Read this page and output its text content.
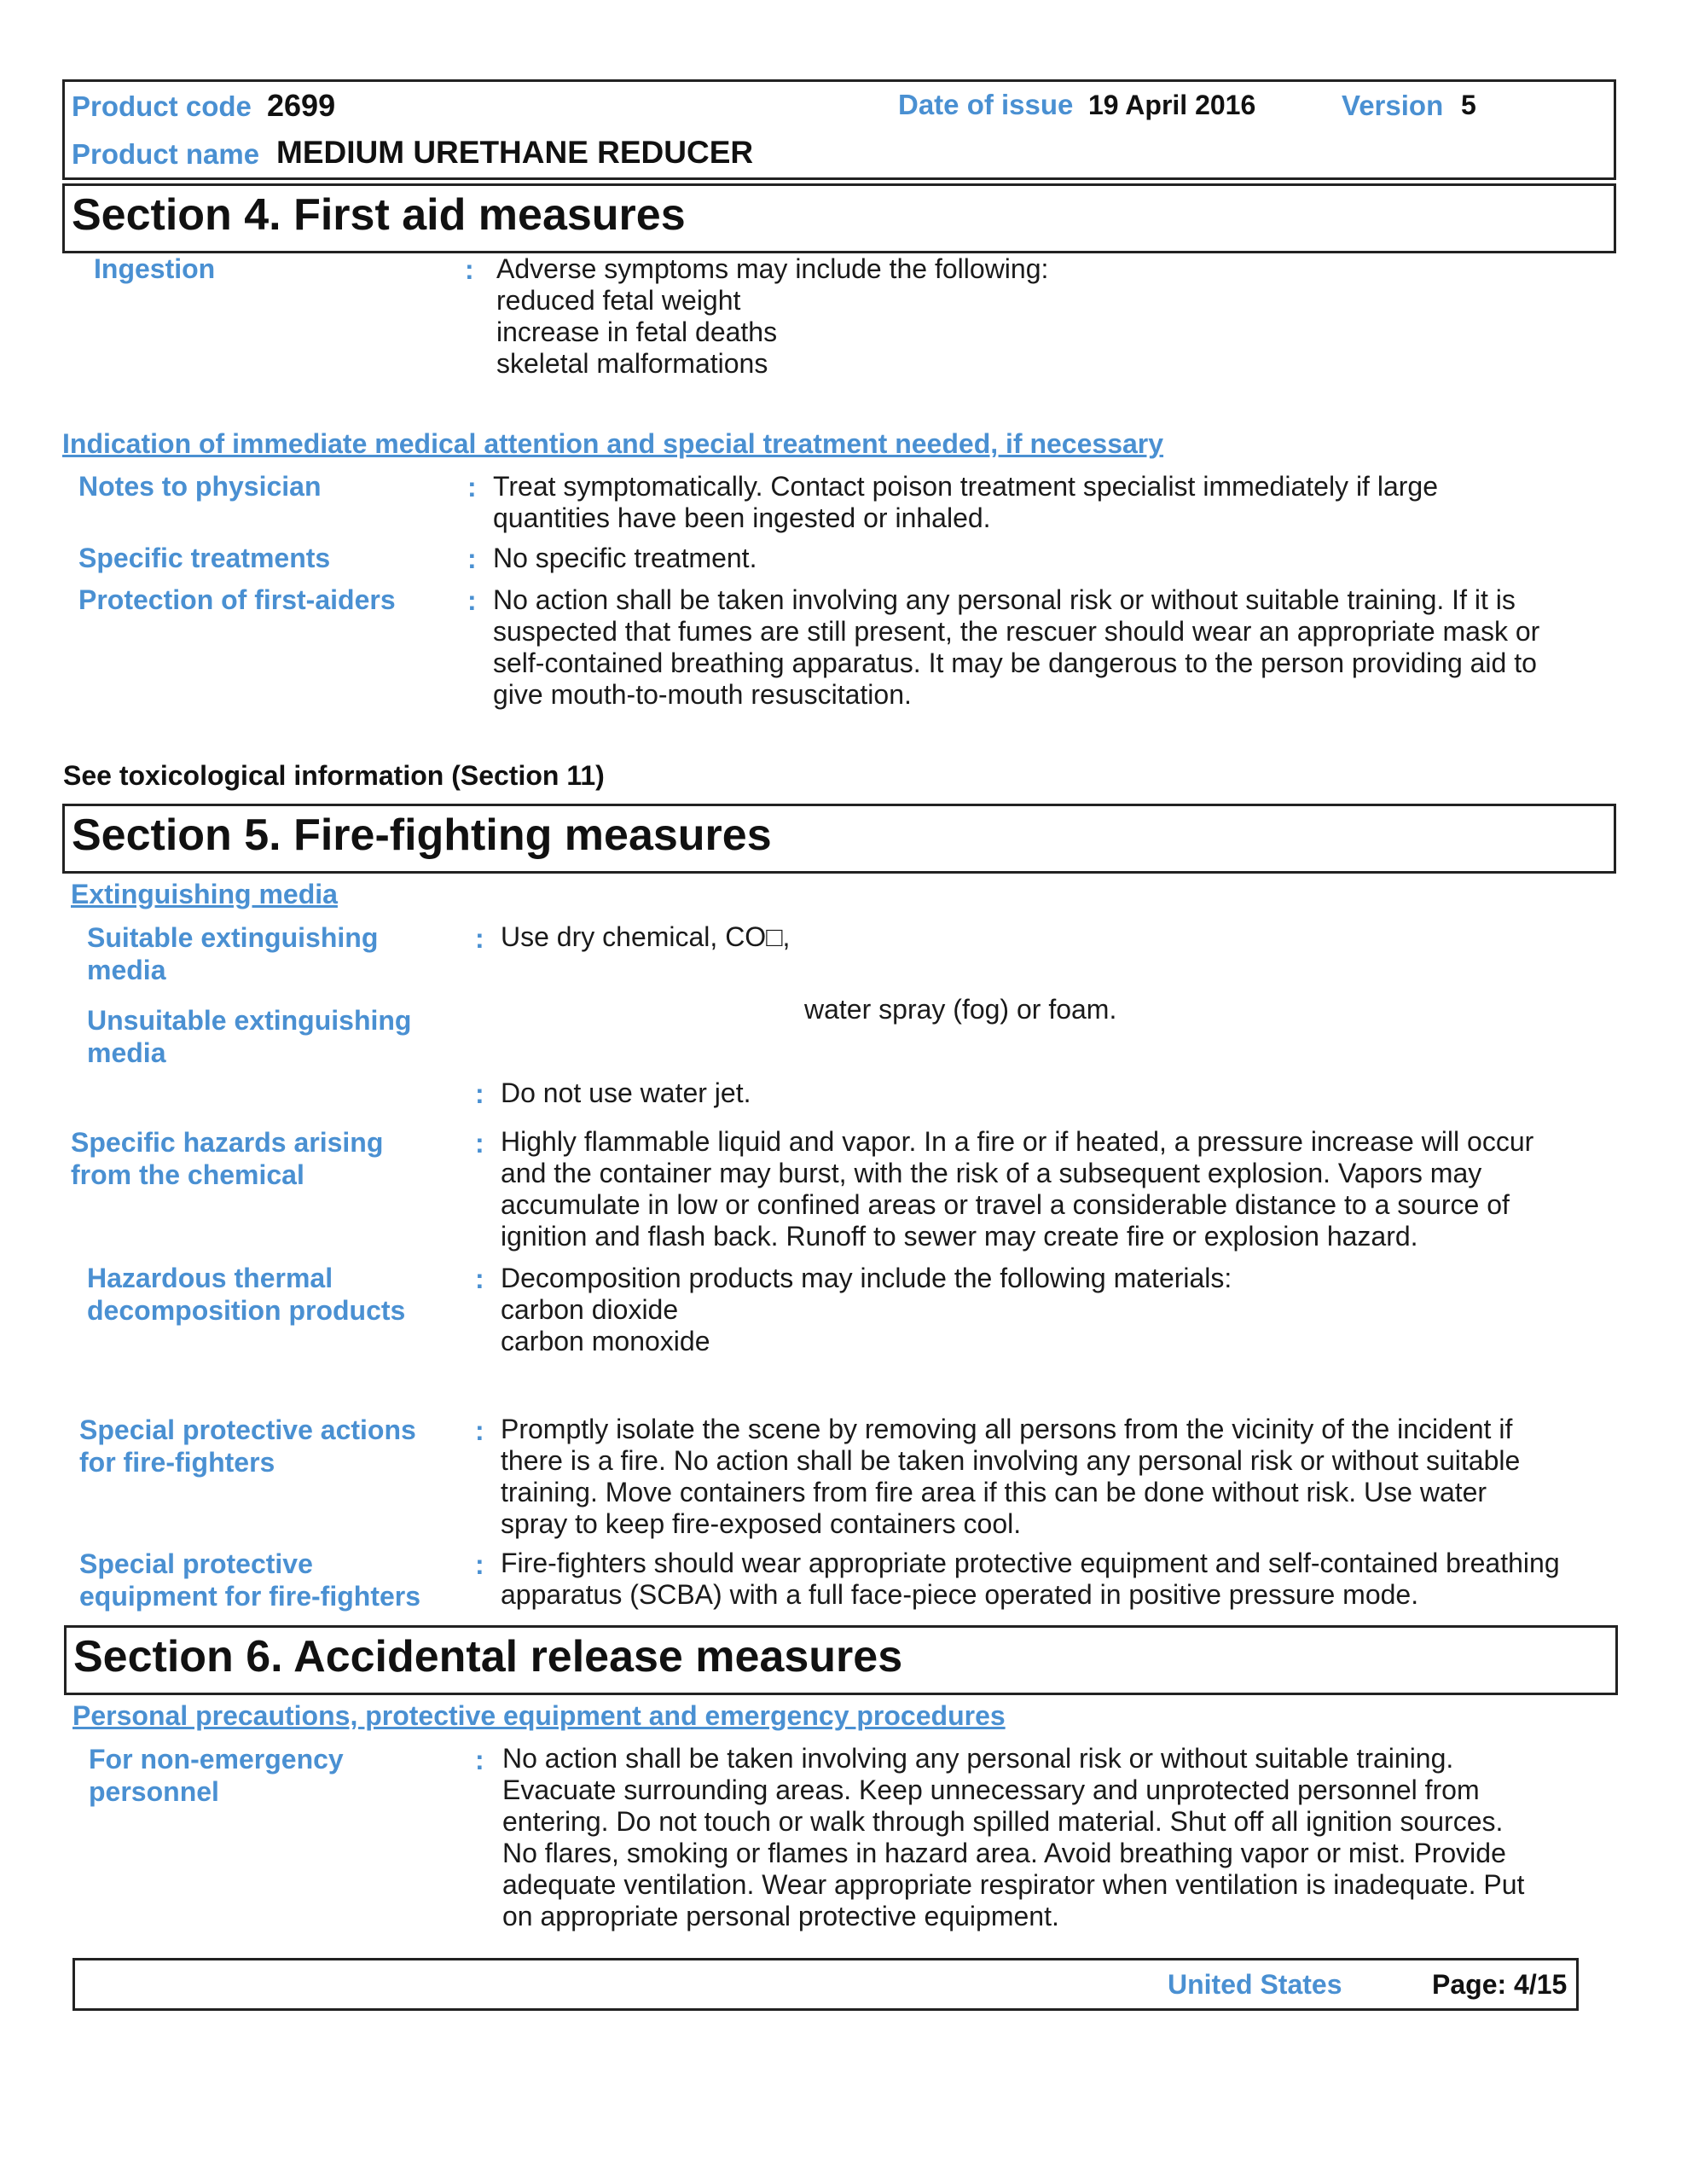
Product code 2699	Date of issue 19 April 2016	Version 5
Product name MEDIUM URETHANE REDUCER
Section 4. First aid measures
Ingestion	: Adverse symptoms may include the following:
reduced fetal weight
increase in fetal deaths
skeletal malformations
Indication of immediate medical attention and special treatment needed, if necessary
Notes to physician	: Treat symptomatically. Contact poison treatment specialist immediately if large
quantities have been ingested or inhaled.
Specific treatments	: No specific treatment.
Protection of first-aiders	: No action shall be taken involving any personal risk or without suitable training. If it is
suspected that fumes are still present, the rescuer should wear an appropriate mask or
self-contained breathing apparatus. It may be dangerous to the person providing aid to
give mouth-to-mouth resuscitation.
See toxicological information (Section 11)
Section 5. Fire-fighting measures
Extinguishing media
Suitable extinguishing
media
: Use dry chemical, CO□,
water spray (fog) or foam.
Unsuitable extinguishing
media
: Do not use water jet.
Specific hazards arising
from the chemical
: Highly flammable liquid and vapor. In a fire or if heated, a pressure increase will occur
and the container may burst, with the risk of a subsequent explosion. Vapors may
accumulate in low or confined areas or travel a considerable distance to a source of
ignition and flash back. Runoff to sewer may create fire or explosion hazard.
Hazardous thermal
decomposition products
: Decomposition products may include the following materials:
carbon dioxide
carbon monoxide
Special protective actions
for fire-fighters
: Promptly isolate the scene by removing all persons from the vicinity of the incident if
there is a fire. No action shall be taken involving any personal risk or without suitable
training. Move containers from fire area if this can be done without risk. Use water
spray to keep fire-exposed containers cool.
Special protective
equipment for fire-fighters
: Fire-fighters should wear appropriate protective equipment and self-contained breathing
apparatus (SCBA) with a full face-piece operated in positive pressure mode.
Section 6. Accidental release measures
Personal precautions, protective equipment and emergency procedures
For non-emergency
personnel
: No action shall be taken involving any personal risk or without suitable training.
Evacuate surrounding areas. Keep unnecessary and unprotected personnel from
entering. Do not touch or walk through spilled material. Shut off all ignition sources.
No flares, smoking or flames in hazard area. Avoid breathing vapor or mist. Provide
adequate ventilation. Wear appropriate respirator when ventilation is inadequate. Put
on appropriate personal protective equipment.
United States	Page: 4/15
